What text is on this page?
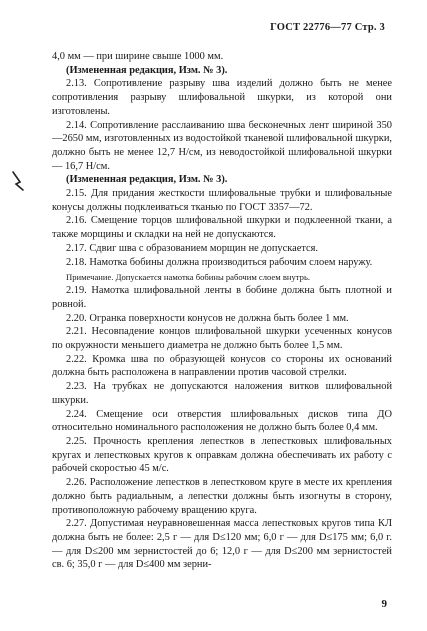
ГОСТ 22776—77 Стр. 3

4,0 мм — при ширине свыше 1000 мм.

(Измененная редакция, Изм. № 3).

2.13. Сопротивление разрыву шва изделий должно быть не менее сопротивления разрыву шлифовальной шкурки, из которой они изготовлены.

2.14. Сопротивление расслаиванию шва бесконечных лент шириной 350—2650 мм, изготовленных из водостойкой тканевой шлифовальной шкурки, должно быть не менее 12,7 Н/см, из неводостойкой шлифовальной шкурки — 16,7 Н/см.

(Измененная редакция, Изм. № 3).

2.15. Для придания жесткости шлифовальные трубки и шлифовальные конусы должны подклеиваться тканью по ГОСТ 3357—72.

2.16. Смещение торцов шлифовальной шкурки и подклеенной ткани, а также морщины и складки на ней не допускаются.

2.17. Сдвиг шва с образованием морщин не допускается.

2.18. Намотка бобины должна производиться рабочим слоем наружу.

Примечание. Допускается намотка бобины рабочим слоем внутрь.

2.19. Намотка шлифовальной ленты в бобине должна быть плотной и ровной.

2.20. Огранка поверхности конусов не должна быть более 1 мм.

2.21. Несовпадение концов шлифовальной шкурки усеченных конусов по окружности меньшего диаметра не должно быть более 1,5 мм.

2.22. Кромка шва по образующей конусов со стороны их оснований должна быть расположена в направлении против часовой стрелки.

2.23. На трубках не допускаются наложения витков шлифовальной шкурки.

2.24. Смещение оси отверстия шлифовальных дисков типа ДО относительно номинального расположения не должно быть более 0,4 мм.

2.25. Прочность крепления лепестков в лепестковых шлифовальных кругах и лепестковых кругов к оправкам должна обеспечивать их работу с рабочей скоростью 45 м/с.

2.26. Расположение лепестков в лепестковом круге в месте их крепления должно быть радиальным, а лепестки должны быть изогнуты в сторону, противоположную рабочему вращению круга.

2.27. Допустимая неуравновешенная масса лепестковых кругов типа КЛ должна быть не более: 2,5 г — для D≤120 мм; 6,0 г — для D≤175 мм; 6,0 г. — для D≤200 мм зернистостей до 6; 12,0 г — для D≤200 мм зернистостей св. 6; 35,0 г — для D≤400 мм зерни-

9
